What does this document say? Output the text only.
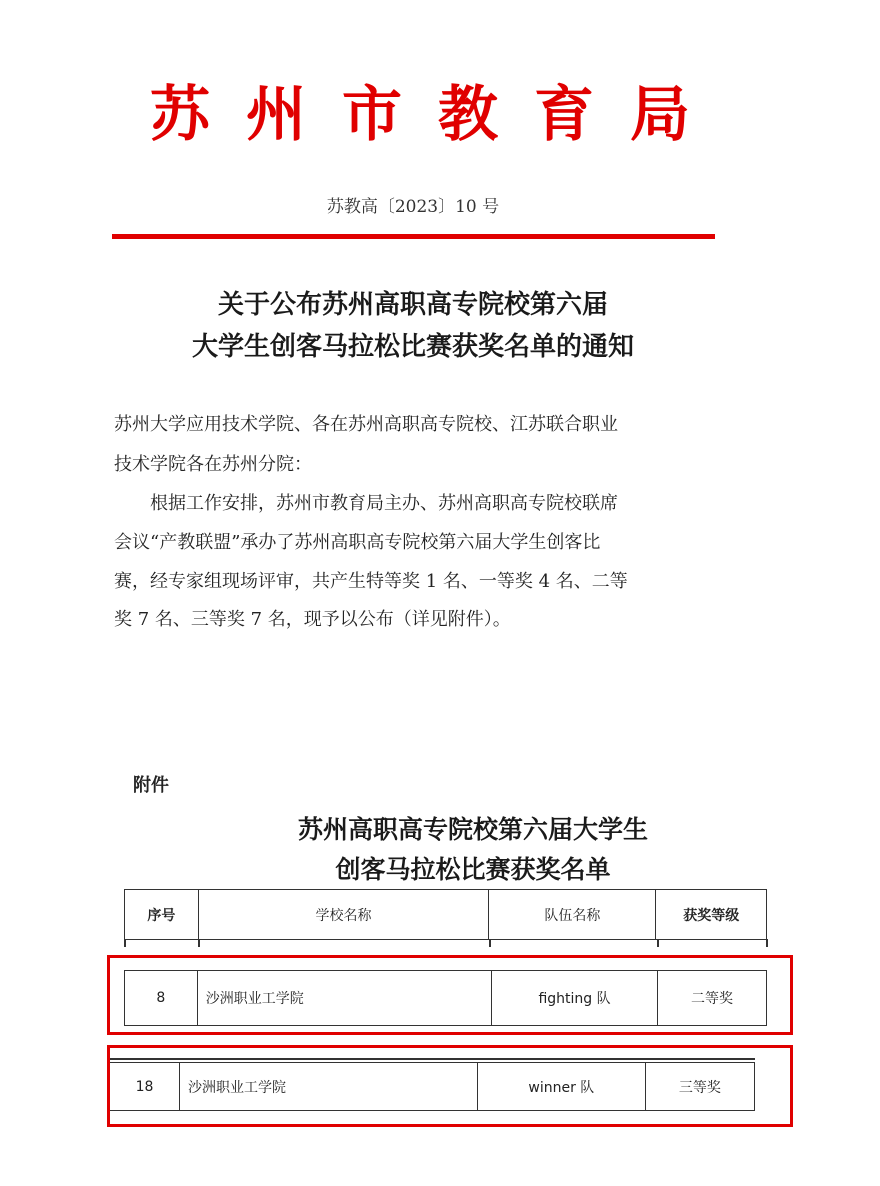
苏 州 市 教 育 局
苏教高〔2023〕10 号
关于公布苏州高职高专院校第六届
大学生创客马拉松比赛获奖名单的通知
苏州大学应用技术学院、各在苏州高职高专院校、江苏联合职业
技术学院各在苏州分院：
根据工作安排，苏州市教育局主办、苏州高职高专院校联席
会议“产教联盟”承办了苏州高职高专院校第六届大学生创客比
赛，经专家组现场评审，共产生特等奖 1 名、一等奖 4 名、二等
奖 7 名、三等奖 7 名，现予以公布（详见附件）。
附件
苏州高职高专院校第六届大学生
创客马拉松比赛获奖名单
序号	学校名称	队伍名称	获奖等级
8	沙洲职业工学院	fighting 队	二等奖
18	沙洲职业工学院	winner 队	三等奖
